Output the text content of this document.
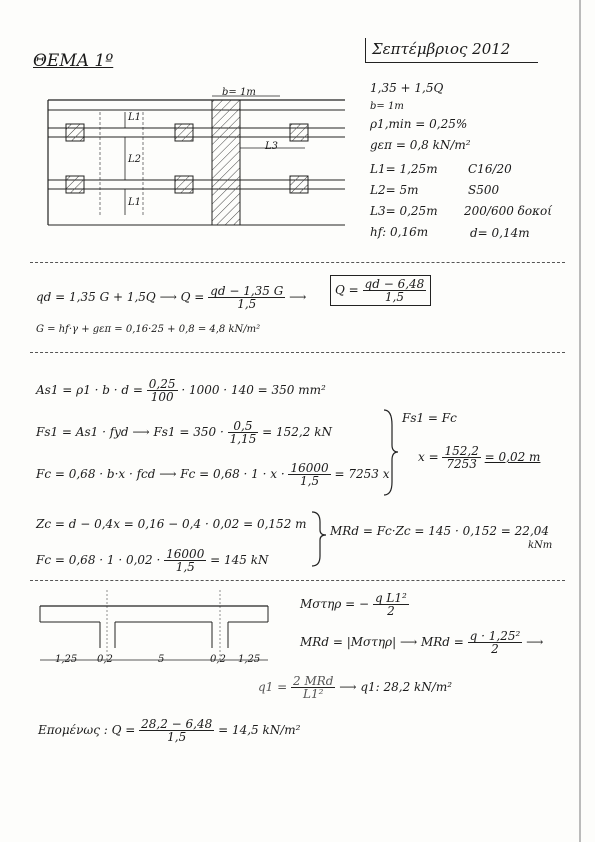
ΘΕΜΑ 1º
Σεπτέμβριος 2012
1,35 + 1,5Q
b= 1m
ρ1,min = 0,25%
gεπ = 0,8 kN/m²
L1= 1,25m
L2= 5m
L3= 0,25m
hf: 0,16m
C16/20
S500
200/600 δοκοί
d= 0,14m
b= 1m
L1
L2
L1
L3
qd = 1,35 G + 1,5Q ⟶ $Q = \frac{qd - 1,35 G}{1,5}$ ⟶	$Q = \frac{qd - 6,48}{1,5}$
G = hf·γ + gεπ = 0,16·25 + 0,8 = 4,8 kN/m²
$As1 = \rho 1 \cdot b \cdot d = \frac{0,25}{100} \cdot 1000 \cdot 140 = 350$ mm²
Fs1 = As1 · fyd ⟶ $Fs1 = 350 \cdot \frac{0,5}{1,15} = 152,2$ kN
Fc = 0,68 · b·x · fcd ⟶ $Fc = 0,68 \cdot 1 \cdot x \cdot \frac{16000}{1,5} = 7253$ x
Fs1 = Fc
$x = \frac{152,2}{7253} = 0,02$ m
Zc = d − 0,4x = 0,16 − 0,4 · 0,02 = 0,152 m
$Fc = 0,68 \cdot 1 \cdot 0,02 \cdot \frac{16000}{1,5} = 145$ kN
MRd = Fc·Zc = 145 · 0,152 = 22,04
kNm
1,25 0,2	5	0,2 1,25
Mστηρ = − $\frac{\text{q L1²}}{2}$
MRd = |Mστηρ| ⟶ MRd = $\frac{\text{q · 1,25²}}{2}$ ⟶
$q1 = \frac{\text{2 MRd}}{\text{L1²}}$ ⟶ q1: 28,2 kN/m²
Επομένως : $Q = \frac{28,2 - 6,48}{1,5} = 14,5$ kN/m²
